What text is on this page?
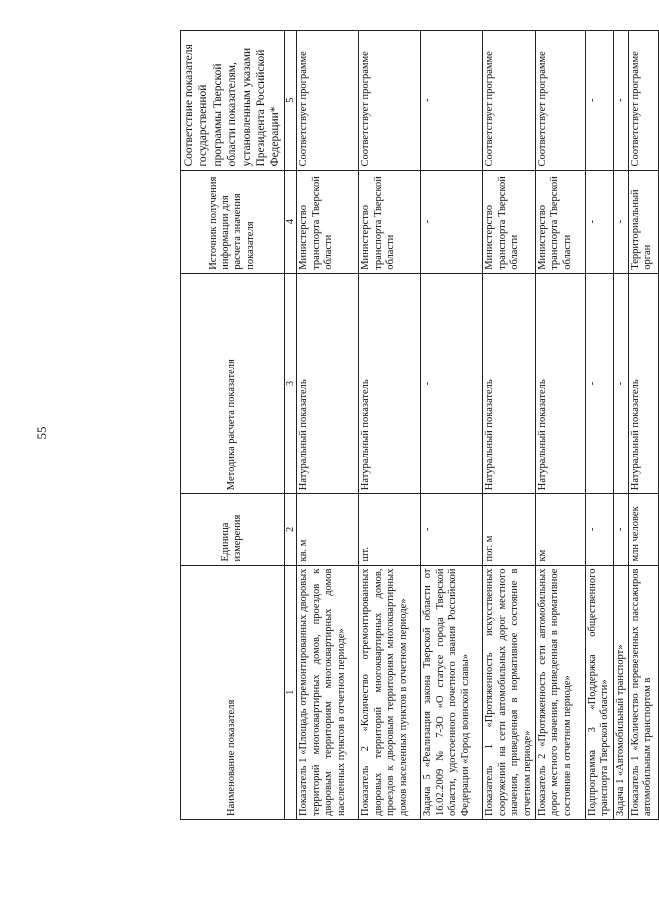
55
Наименование показателя	Единица измерения	Методика расчета показателя	Источник получения информации для расчета значения показателя	Соответствие показателя государственной программы Тверской области показателям, установленным указами Президента Российской Федерации*
1	2	3	4	5
Показатель 1 «Площадь отремонтированных дворовых территорий многоквартирных домов, проездов к дворовым территориям многоквартирных домов населенных пунктов в отчетном периоде»	кв. м	Натуральный показатель	Министерство транспорта Тверской области	Соответствует программе
Показатель 2 «Количество отремонтированных дворовых территорий многоквартирных домов, проездов к дворовым территориям многоквартирных домов населенных пунктов в отчетном периоде»	шт.	Натуральный показатель	Министерство транспорта Тверской области	Соответствует программе
Задача 5 «Реализация закона Тверской области от 16.02.2009 № 7-ЗО «О статусе города Тверской области, удостоенного почетного звания Российской Федерации «Город воинской славы»	-	-	-	-
Показатель 1 «Протяженность искусственных сооружений на сети автомобильных дорог местного значения, приведенная в нормативное состояние в отчетном периоде»	пог. м	Натуральный показатель	Министерство транспорта Тверской области	Соответствует программе
Показатель 2 «Протяженность сети автомобильных дорог местного значения, приведенная в нормативное состояние в отчетном периоде»	км	Натуральный показатель	Министерство транспорта Тверской области	Соответствует программе
Подпрограмма 3 «Поддержка общественного транспорта Тверской области»	-	-	-	-
Задача 1 «Автомобильный транспорт»	-	-	-	-
Показатель 1 «Количество перевезенных пассажиров автомобильным транспортом в	млн человек	Натуральный показатель	Территориальный орган	Соответствует программе
